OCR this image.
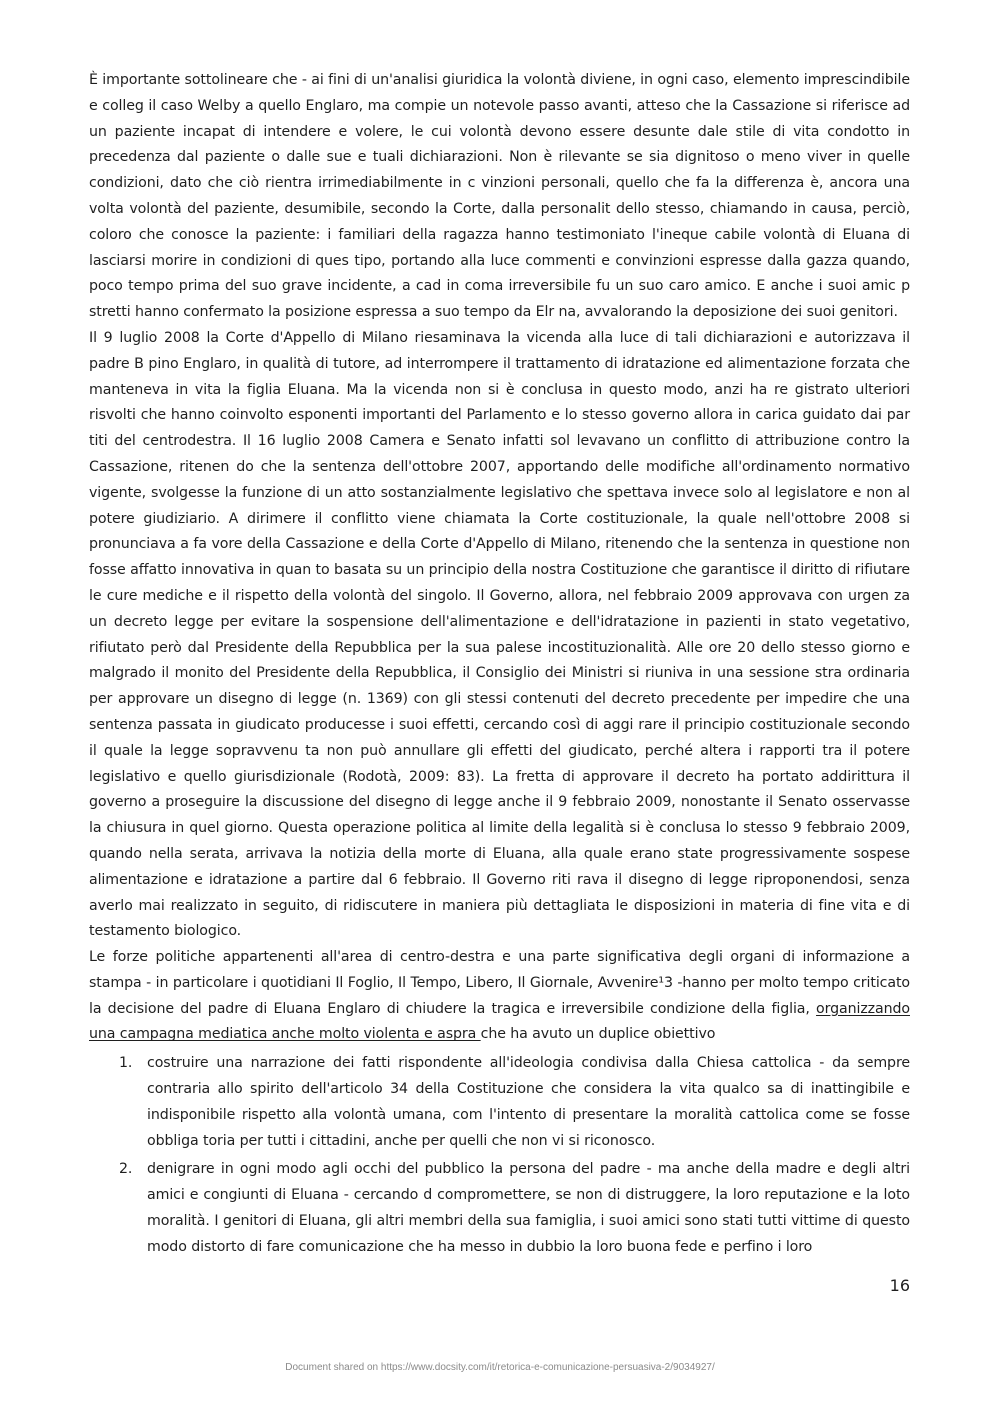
È importante sottolineare che - ai fini di un'analisi giuridica la volontà diviene, in ogni caso, elemento imprescindibile e colleg il caso Welby a quello Englaro, ma compie un notevole passo avanti, atteso che la Cassazione si riferisce ad un paziente incapat di intendere e volere, le cui volontà devono essere desunte dale stile di vita condotto in precedenza dal paziente o dalle sue e tuali dichiarazioni. Non è rilevante se sia dignitoso o meno viver in quelle condizioni, dato che ciò rientra irrimediabilmente in c vinzioni personali, quello che fa la differenza è, ancora una volta volontà del paziente, desumibile, secondo la Corte, dalla personalit dello stesso, chiamando in causa, perciò, coloro che conosce la paziente: i familiari della ragazza hanno testimoniato l'ineque cabile volontà di Eluana di lasciarsi morire in condizioni di ques tipo, portando alla luce commenti e convinzioni espresse dalla gazza quando, poco tempo prima del suo grave incidente, a cad in coma irreversibile fu un suo caro amico. E anche i suoi amic p stretti hanno confermato la posizione espressa a suo tempo da Elr na, avvalorando la deposizione dei suoi genitori.

Il 9 luglio 2008 la Corte d'Appello di Milano riesaminava la vicenda alla luce di tali dichiarazioni e autorizzava il padre B pino Englaro, in qualità di tutore, ad interrompere il trattamento di idratazione ed alimentazione forzata che manteneva in vita la figlia Eluana. Ma la vicenda non si è conclusa in questo modo, anzi ha re gistrato ulteriori risvolti che hanno coinvolto esponenti importanti del Parlamento e lo stesso governo allora in carica guidato dai par titi del centrodestra. Il 16 luglio 2008 Camera e Senato infatti sol levavano un conflitto di attribuzione contro la Cassazione, ritenen do che la sentenza dell'ottobre 2007, apportando delle modifiche all'ordinamento normativo vigente, svolgesse la funzione di un atto sostanzialmente legislativo che spettava invece solo al legislatore e non al potere giudiziario. A dirimere il conflitto viene chiamata la Corte costituzionale, la quale nell'ottobre 2008 si pronunciava a fa vore della Cassazione e della Corte d'Appello di Milano, ritenendo che la sentenza in questione non fosse affatto innovativa in quan to basata su un principio della nostra Costituzione che garantisce il diritto di rifiutare le cure mediche e il rispetto della volontà del singolo. Il Governo, allora, nel febbraio 2009 approvava con urgen za un decreto legge per evitare la sospensione dell'alimentazione e dell'idratazione in pazienti in stato vegetativo, rifiutato però dal Presidente della Repubblica per la sua palese incostituzionalità. Alle ore 20 dello stesso giorno e malgrado il monito del Presidente della Repubblica, il Consiglio dei Ministri si riuniva in una sessione stra ordinaria per approvare un disegno di legge (n. 1369) con gli stessi contenuti del decreto precedente per impedire che una sentenza passata in giudicato producesse i suoi effetti, cercando così di aggi rare il principio costituzionale secondo il quale la legge sopravvenu ta non può annullare gli effetti del giudicato, perché altera i rapporti tra il potere legislativo e quello giurisdizionale (Rodotà, 2009: 83). La fretta di approvare il decreto ha portato addirittura il governo a proseguire la discussione del disegno di legge anche il 9 febbraio 2009, nonostante il Senato osservasse la chiusura in quel giorno. Questa operazione politica al limite della legalità si è conclusa lo stesso 9 febbraio 2009, quando nella serata, arrivava la notizia della morte di Eluana, alla quale erano state progressivamente sospese alimentazione e idratazione a partire dal 6 febbraio. Il Governo riti rava il disegno di legge riproponendosi, senza averlo mai realizzato in seguito, di ridiscutere in maniera più dettagliata le disposizioni in materia di fine vita e di testamento biologico.

Le forze politiche appartenenti all'area di centro-destra e una parte significativa degli organi di informazione a stampa - in particolare i quotidiani Il Foglio, Il Tempo, Libero, Il Giornale, Avvenire¹3 -hanno per molto tempo criticato la decisione del padre di Eluana Englaro di chiudere la tragica e irreversibile condizione della figlia, organizzando una campagna mediatica anche molto violenta e aspra che ha avuto un duplice obiettivo

1. costruire una narrazione dei fatti rispondente all'ideologia condivisa dalla Chiesa cattolica - da sempre contraria allo spirito dell'articolo 34 della Costituzione che considera la vita qualco sa di inattingibile e indisponibile rispetto alla volontà umana, com l'intento di presentare la moralità cattolica come se fosse obbliga toria per tutti i cittadini, anche per quelli che non vi si riconosco.
2. denigrare in ogni modo agli occhi del pubblico la persona del padre - ma anche della madre e degli altri amici e congiunti di Eluana - cercando d compromettere, se non di distruggere, la loro reputazione e la loto moralità. I genitori di Eluana, gli altri membri della sua famiglia, i suoi amici sono stati tutti vittime di questo modo distorto di fare comunicazione che ha messo in dubbio la loro buona fede e perfino i loro
16
Document shared on https://www.docsity.com/it/retorica-e-comunicazione-persuasiva-2/9034927/
